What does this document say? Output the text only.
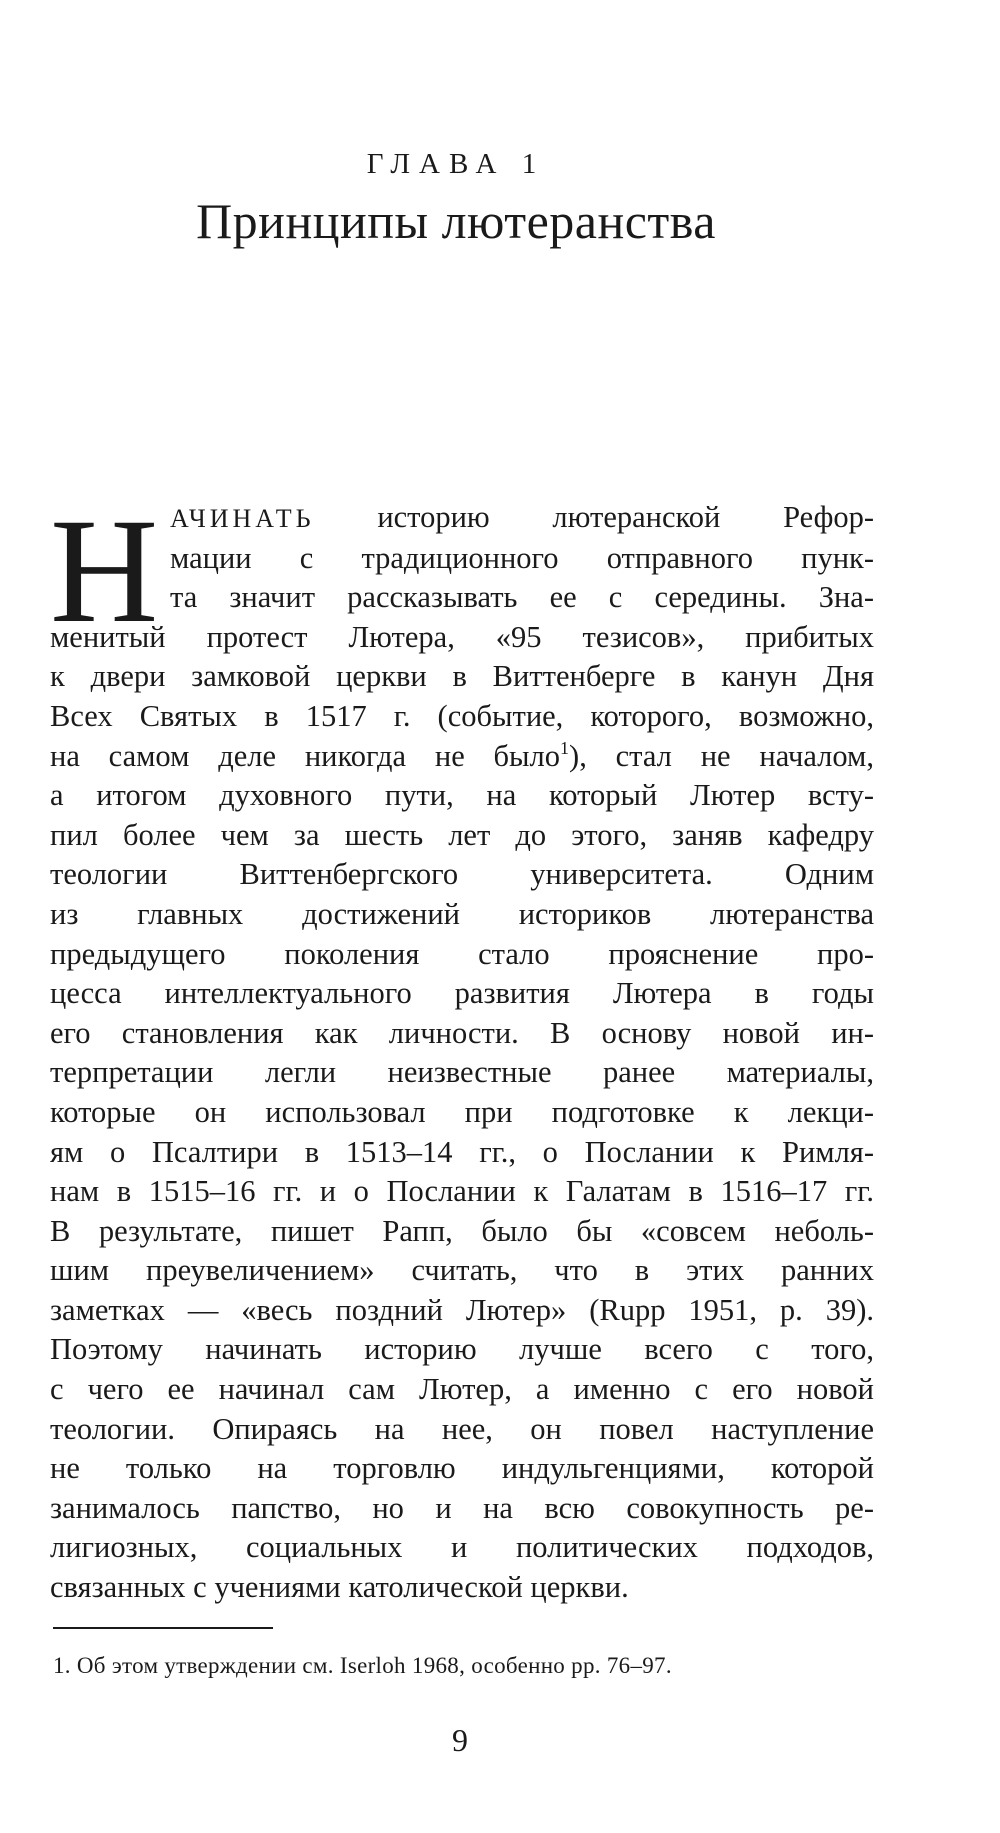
ГЛАВА 1
Принципы лютеранства
Н АЧИНАТЬ историю лютеранской Рефор-
мации с традиционного отправного пунк-
та значит рассказывать ее с середины. Зна-
менитый протест Лютера, «95 тезисов», прибитых
к двери замковой церкви в Виттенберге в канун Дня
Всех Святых в 1517 г. (событие, которого, возможно,
на самом деле никогда не было$^1$), стал не началом,
а итогом духовного пути, на который Лютер всту-
пил более чем за шесть лет до этого, заняв кафедру
теологии Виттенбергского университета. Одним
из главных достижений историков лютеранства
предыдущего поколения стало прояснение про-
цесса интеллектуального развития Лютера в годы
его становления как личности. В основу новой ин-
терпретации легли неизвестные ранее материалы,
которые он использовал при подготовке к лекци-
ям о Псалтири в 1513–14 гг., о Послании к Римля-
нам в 1515–16 гг. и о Послании к Галатам в 1516–17 гг.
В результате, пишет Рапп, было бы «совсем неболь-
шим преувеличением» считать, что в этих ранних
заметках — «весь поздний Лютер» (Rupp 1951, p. 39).
Поэтому начинать историю лучше всего с того,
с чего ее начинал сам Лютер, а именно с его новой
теологии. Опираясь на нее, он повел наступление
не только на торговлю индульгенциями, которой
занималось папство, но и на всю совокупность ре-
лигиозных, социальных и политических подходов,
связанных с учениями католической церкви.

1. Об этом утверждении см. Iserloh 1968, особенно pp. 76–97.

9
